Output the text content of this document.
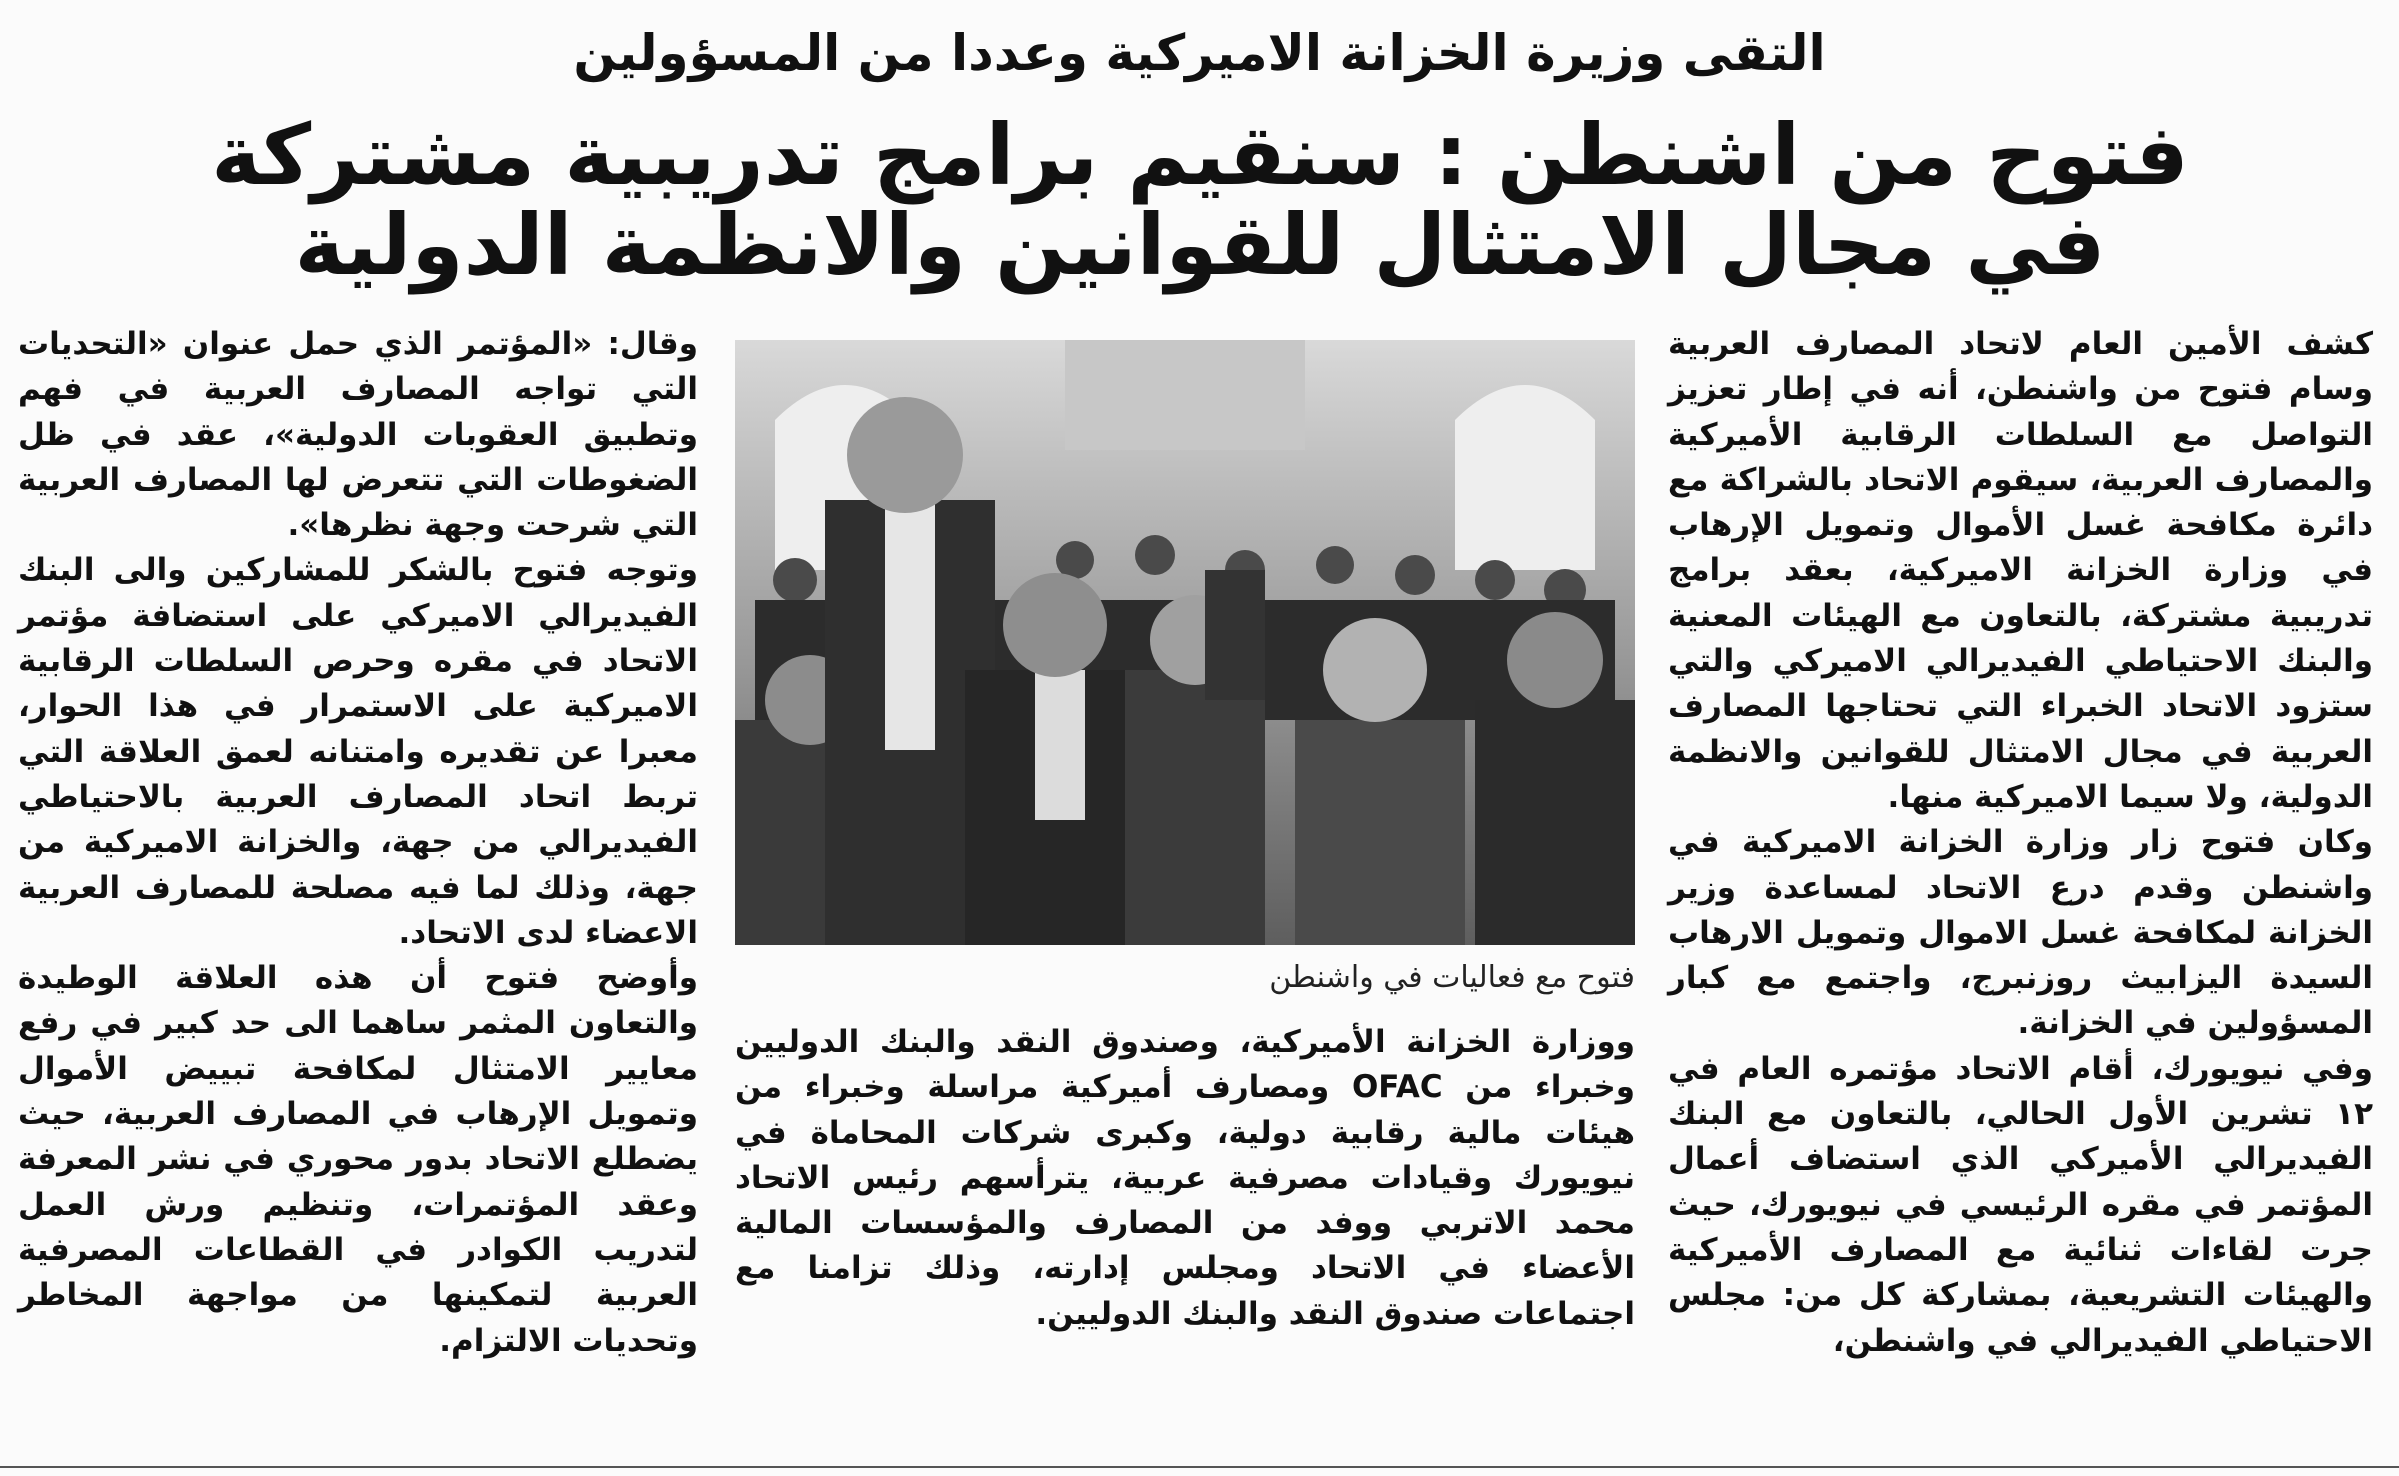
التقى وزيرة الخزانة الاميركية وعددا من المسؤولين
فتوح من اشنطن : سنقيم برامج تدريبية مشتركة
في مجال الامتثال للقوانين والانظمة الدولية

كشف الأمين العام لاتحاد المصارف العربية وسام فتوح من واشنطن، أنه في إطار تعزيز التواصل مع السلطات الرقابية الأميركية والمصارف العربية، سيقوم الاتحاد بالشراكة مع دائرة مكافحة غسل الأموال وتمويل الإرهاب في وزارة الخزانة الاميركية، بعقد برامج تدريبية مشتركة، بالتعاون مع الهيئات المعنية والبنك الاحتياطي الفيديرالي الاميركي والتي ستزود الاتحاد الخبراء التي تحتاجها المصارف العربية في مجال الامتثال للقوانين والانظمة الدولية، ولا سيما الاميركية منها.

وكان فتوح زار وزارة الخزانة الاميركية في واشنطن وقدم درع الاتحاد لمساعدة وزير الخزانة لمكافحة غسل الاموال وتمويل الارهاب السيدة اليزابيث روزنبرج، واجتمع مع كبار المسؤولين في الخزانة.

وفي نيويورك، أقام الاتحاد مؤتمره العام في ١٢ تشرين الأول الحالي، بالتعاون مع البنك الفيديرالي الأميركي الذي استضاف أعمال المؤتمر في مقره الرئيسي في نيويورك، حيث جرت لقاءات ثنائية مع المصارف الأميركية والهيئات التشريعية، بمشاركة كل من: مجلس الاحتياطي الفيديرالي في واشنطن،

فتوح مع فعاليات في واشنطن

ووزارة الخزانة الأميركية، وصندوق النقد والبنك الدوليين وخبراء من OFAC ومصارف أميركية مراسلة وخبراء من هيئات مالية رقابية دولية، وكبرى شركات المحاماة في نيويورك وقيادات مصرفية عربية، يترأسهم رئيس الاتحاد محمد الاتربي ووفد من المصارف والمؤسسات المالية الأعضاء في الاتحاد ومجلس إدارته، وذلك تزامنا مع اجتماعات صندوق النقد والبنك الدوليين.

وقال: «المؤتمر الذي حمل عنوان «التحديات التي تواجه المصارف العربية في فهم وتطبيق العقوبات الدولية»، عقد في ظل الضغوطات التي تتعرض لها المصارف العربية التي شرحت وجهة نظرها».

وتوجه فتوح بالشكر للمشاركين والى البنك الفيديرالي الاميركي على استضافة مؤتمر الاتحاد في مقره وحرص السلطات الرقابية الاميركية على الاستمرار في هذا الحوار، معبرا عن تقديره وامتنانه لعمق العلاقة التي تربط اتحاد المصارف العربية بالاحتياطي الفيديرالي من جهة، والخزانة الاميركية من جهة، وذلك لما فيه مصلحة للمصارف العربية الاعضاء لدى الاتحاد.

وأوضح فتوح أن هذه العلاقة الوطيدة والتعاون المثمر ساهما الى حد كبير في رفع معايير الامتثال لمكافحة تبييض الأموال وتمويل الإرهاب في المصارف العربية، حيث يضطلع الاتحاد بدور محوري في نشر المعرفة وعقد المؤتمرات، وتنظيم ورش العمل لتدريب الكوادر في القطاعات المصرفية العربية لتمكينها من مواجهة المخاطر وتحديات الالتزام.
